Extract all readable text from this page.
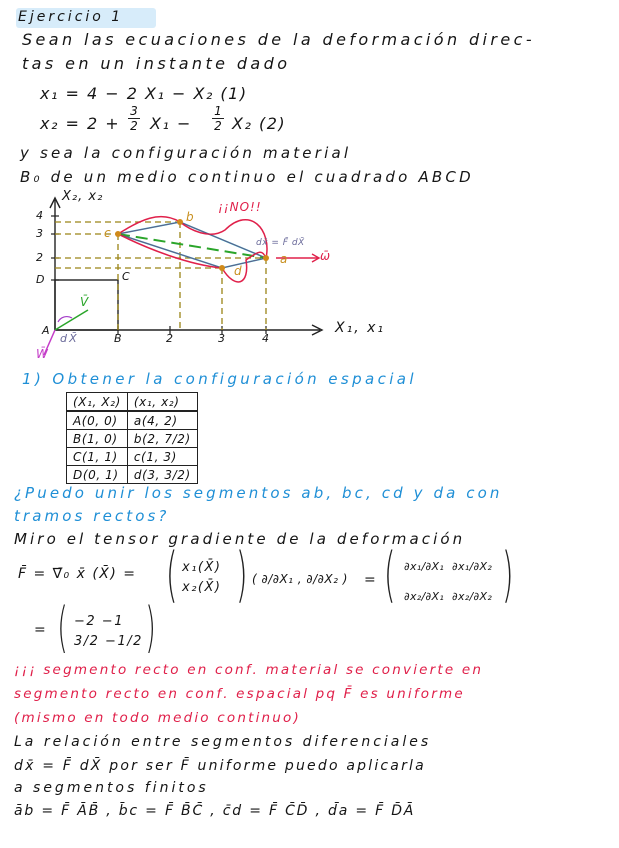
Ejercicio 1
Sean las ecuaciones de la deformación direc-
tas en un instante dado
x₁ = 4 − 2 X₁ − X₂ (1)
x₂ = 2 +
3
2 X₁ −
1
2 X₂ (2)
y sea la configuración material
B₀ de un medio continuo el cuadrado ABCD
X₂, x₂
X₁, x₁
4
3
2
D
B	2	3	4
A
C
b
c
d
a
¡¡NO!!
dx̄ = F̄ dX̄
ω̄
V̄
dX̄
W̄
1) Obtener la configuración espacial
(X₁, X₂)	(x₁, x₂)
A(0, 0)	a(4, 2)
B(1, 0)	b(2, 7/2)
C(1, 1)	c(1, 3)
D(0, 1)	d(3, 3/2)
¿Puedo unir los segmentos ab, bc, cd y da con
tramos rectos?
Miro el tensor gradiente de la deformación
F̄ = ∇̄₀ x̄ (X̄) = ( x₁(X̄)
x₂(X̄) ) ( ∂/∂X₁ , ∂/∂X₂ ) = ( ∂x₁/∂X₁ ∂x₁/∂X₂
∂x₂/∂X₁ ∂x₂/∂X₂ )
= ( −2 −1
3/2 −1/2 )
¡¡¡ segmento recto en conf. material se convierte en
segmento recto en conf. espacial pq F̄ es uniforme
(mismo en todo medio continuo)
La relación entre segmentos diferenciales
dx̄ = F̄ dX̄ por ser F̄ uniforme puedo aplicarla
a segmentos finitos
āb = F̄ ĀB̄ , b̄c = F̄ B̄C̄ , c̄d = F̄ C̄D̄ , d̄a = F̄ D̄Ā
